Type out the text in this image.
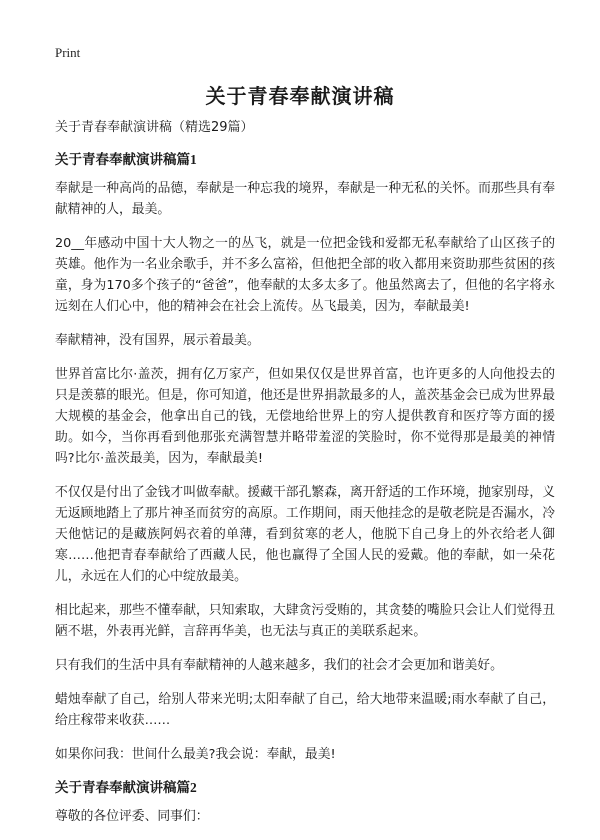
Print
关于青春奉献演讲稿

关于青春奉献演讲稿（精选29篇）

关于青春奉献演讲稿篇1

奉献是一种高尚的品德，奉献是一种忘我的境界，奉献是一种无私的关怀。而那些具有奉献精神的人，最美。

20__年感动中国十大人物之一的丛飞，就是一位把金钱和爱都无私奉献给了山区孩子的英雄。他作为一名业余歌手，并不多么富裕，但他把全部的收入都用来资助那些贫困的孩童，身为170多个孩子的“爸爸”，他奉献的太多太多了。他虽然离去了，但他的名字将永远刻在人们心中，他的精神会在社会上流传。丛飞最美，因为，奉献最美!

奉献精神，没有国界，展示着最美。

世界首富比尔·盖茨，拥有亿万家产，但如果仅仅是世界首富，也许更多的人向他投去的只是羡慕的眼光。但是，你可知道，他还是世界捐款最多的人，盖茨基金会已成为世界最大规模的基金会，他拿出自己的钱，无偿地给世界上的穷人提供教育和医疗等方面的援助。如今，当你再看到他那张充满智慧并略带羞涩的笑脸时，你不觉得那是最美的神情吗?比尔·盖茨最美，因为，奉献最美!

不仅仅是付出了金钱才叫做奉献。援藏干部孔繁森，离开舒适的工作环境，抛家别母，义无返顾地踏上了那片神圣而贫穷的高原。工作期间，雨天他挂念的是敬老院是否漏水，冷天他惦记的是藏族阿妈衣着的单薄，看到贫寒的老人，他脱下自己身上的外衣给老人御寒……他把青春奉献给了西藏人民，他也赢得了全国人民的爱戴。他的奉献，如一朵花儿，永远在人们的心中绽放最美。

相比起来，那些不懂奉献，只知索取，大肆贪污受贿的，其贪婪的嘴脸只会让人们觉得丑陋不堪，外表再光鲜，言辞再华美，也无法与真正的美联系起来。

只有我们的生活中具有奉献精神的人越来越多，我们的社会才会更加和谐美好。

蜡烛奉献了自己，给别人带来光明;太阳奉献了自己，给大地带来温暖;雨水奉献了自己，给庄稼带来收获……

如果你问我：世间什么最美?我会说：奉献，最美!

关于青春奉献演讲稿篇2

尊敬的各位评委、同事们：
